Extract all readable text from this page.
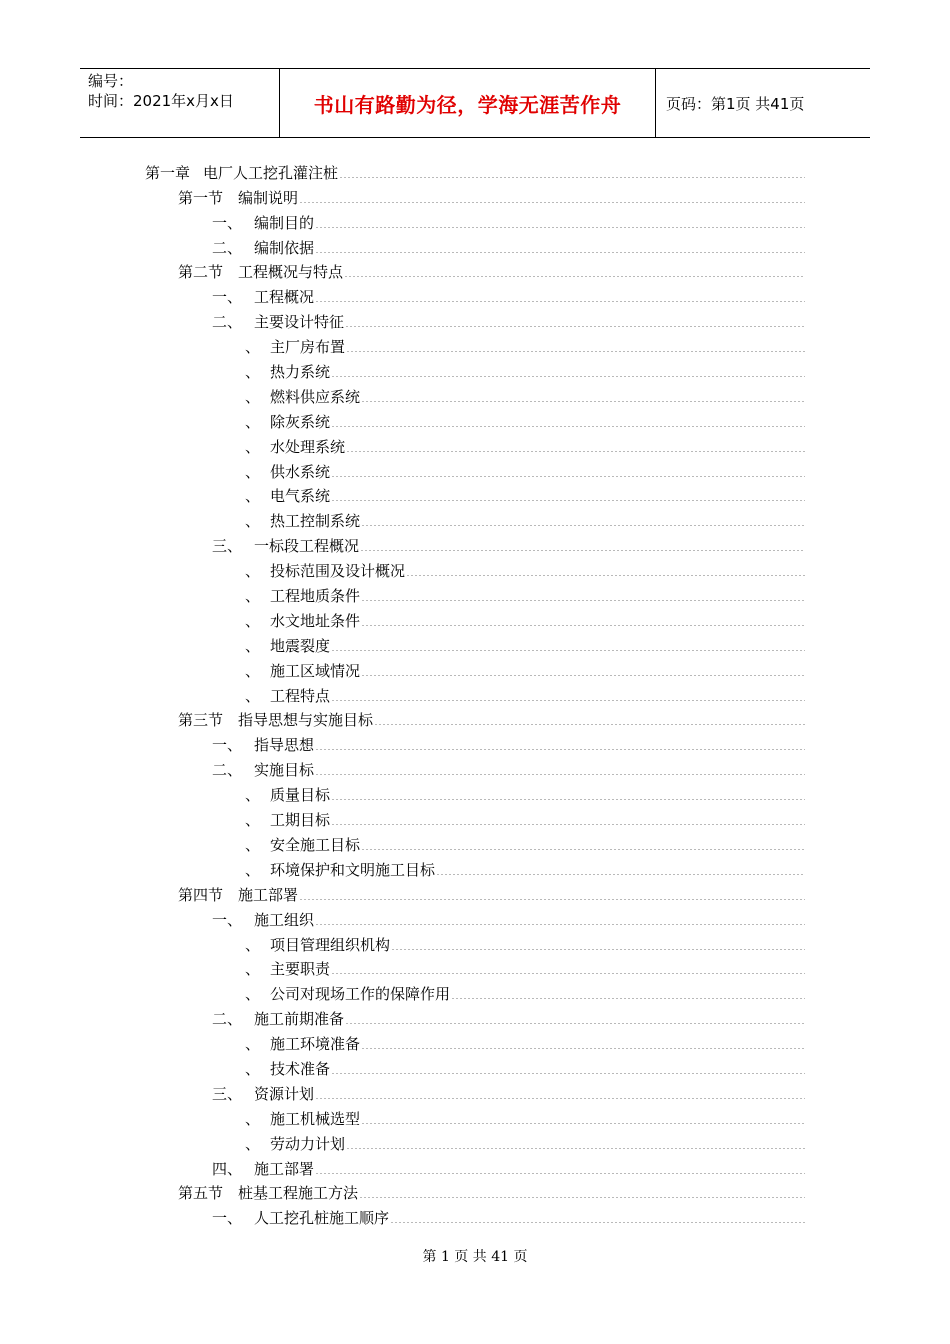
编号：
时间：2021年x月x日	书山有路勤为径，学海无涯苦作舟	页码：第1页 共41页
第一章 电厂人工挖孔灌注桩
第一节 编制说明
一、 编制目的
二、 编制依据
第二节 工程概况与特点
一、 工程概况
二、 主要设计特征
、 主厂房布置
、 热力系统
、 燃料供应系统
、 除灰系统
、 水处理系统
、 供水系统
、 电气系统
、 热工控制系统
三、 一标段工程概况
、 投标范围及设计概况
、 工程地质条件
、 水文地址条件
、 地震裂度
、 施工区域情况
、 工程特点
第三节 指导思想与实施目标
一、 指导思想
二、 实施目标
、 质量目标
、 工期目标
、 安全施工目标
、 环境保护和文明施工目标
第四节 施工部署
一、 施工组织
、 项目管理组织机构
、 主要职责
、 公司对现场工作的保障作用
二、 施工前期准备
、 施工环境准备
、 技术准备
三、 资源计划
、 施工机械选型
、 劳动力计划
四、 施工部署
第五节 桩基工程施工方法
一、 人工挖孔桩施工顺序
第 1 页 共 41 页
